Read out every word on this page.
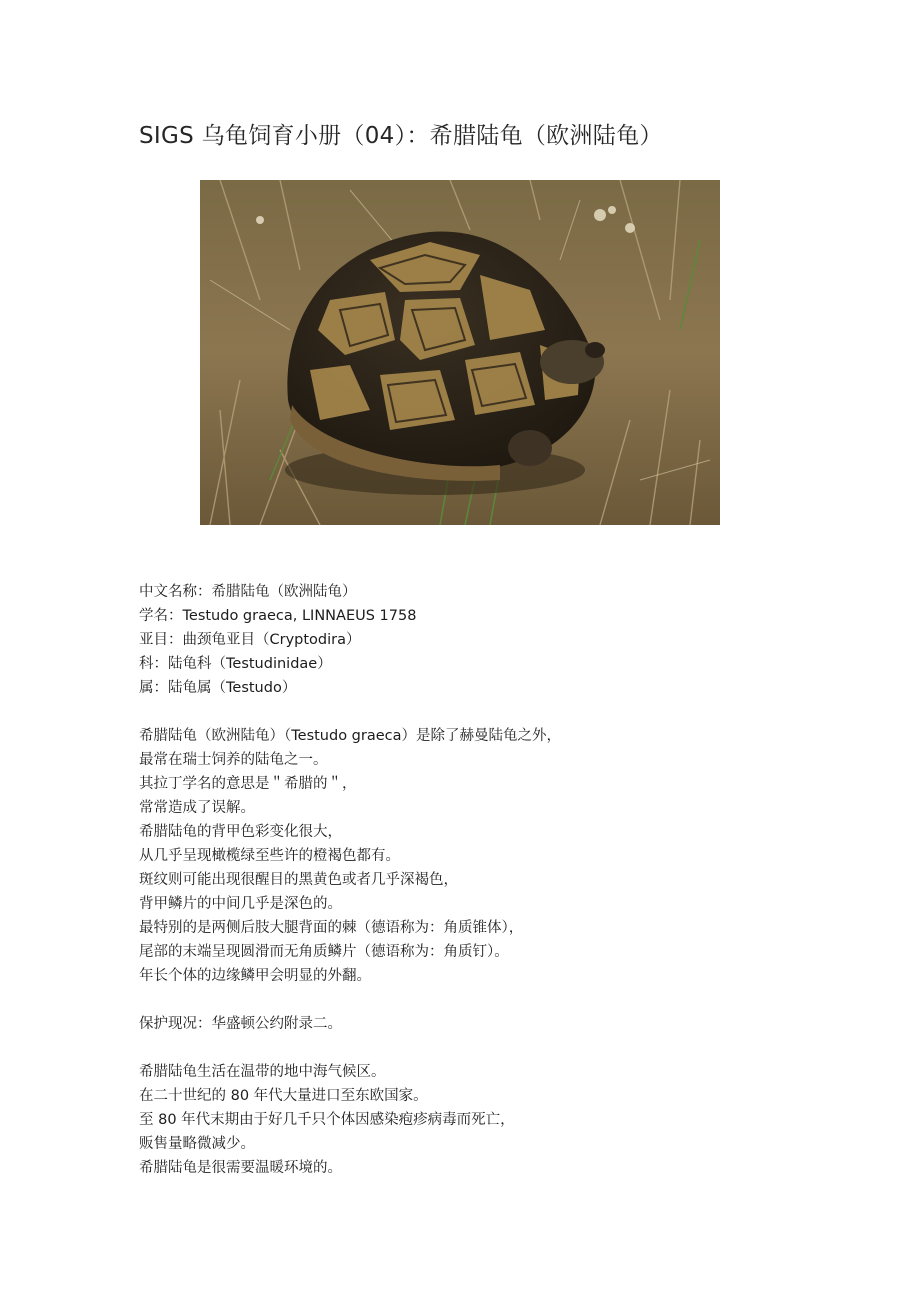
SIGS 乌龟饲育小册（04）：希腊陆龟（欧洲陆龟）
中文名称：希腊陆龟（欧洲陆龟）
学名：Testudo graeca, LINNAEUS 1758
亚目：曲颈龟亚目（Cryptodira）
科：陆龟科（Testudinidae）
属：陆龟属（Testudo）
希腊陆龟（欧洲陆龟）（Testudo graeca）是除了赫曼陆龟之外，
最常在瑞士饲养的陆龟之一。
其拉丁学名的意思是＂希腊的＂，
常常造成了误解。
希腊陆龟的背甲色彩变化很大，
从几乎呈现橄榄绿至些许的橙褐色都有。
斑纹则可能出现很醒目的黑黄色或者几乎深褐色，
背甲鳞片的中间几乎是深色的。
最特别的是两侧后肢大腿背面的棘（德语称为：角质锥体），
尾部的末端呈现圆滑而无角质鳞片（德语称为：角质钉）。
年长个体的边缘鳞甲会明显的外翻。
保护现况：华盛顿公约附录二。
希腊陆龟生活在温带的地中海气候区。
在二十世纪的 80 年代大量进口至东欧国家。
至 80 年代末期由于好几千只个体因感染疱疹病毒而死亡，
贩售量略微减少。
希腊陆龟是很需要温暖环境的。
